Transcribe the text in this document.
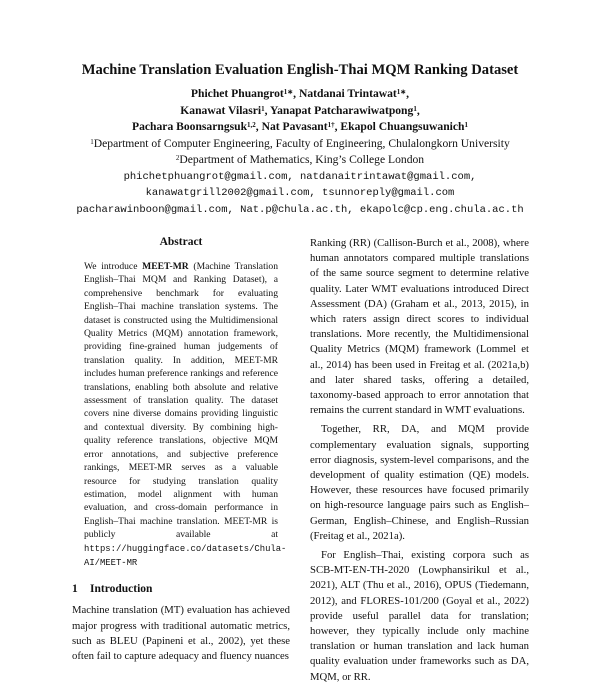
Machine Translation Evaluation English-Thai MQM Ranking Dataset
Phichet Phuangrot$^{1∗}$, Natdanai Trintawat$^{1∗}$,
Kanawat Vilasri$^1$, Yanapat Patcharawiwatpong$^1$,
Pachara Boonsarngsuk$^{1,2}$, Nat Pavasant$^{1\dagger}$, Ekapol Chuangsuwanich$^1$
$^1$Department of Computer Engineering, Faculty of Engineering, Chulalongkorn University
$^2$Department of Mathematics, King’s College London
phichetphuangrot@gmail.com, natdanaitrintawat@gmail.com,
kanawatgrill2002@gmail.com, tsunnoreply@gmail.com
pacharawinboon@gmail.com, Nat.p@chula.ac.th, ekapolc@cp.eng.chula.ac.th
Abstract
We introduce MEET-MR (Machine Translation English–Thai MQM and Ranking Dataset), a comprehensive benchmark for evaluating English–Thai machine translation systems. The dataset is constructed using the Multidimensional Quality Metrics (MQM) annotation framework, providing fine-grained human judgements of translation quality. In addition, MEET-MR includes human preference rankings and reference translations, enabling both absolute and relative assessment of translation quality. The dataset covers nine diverse domains providing linguistic and contextual diversity. By combining high-quality reference translations, objective MQM error annotations, and subjective preference rankings, MEET-MR serves as a valuable resource for studying translation quality estimation, model alignment with human evaluation, and cross-domain performance in English–Thai machine translation. MEET-MR is publicly available at https://huggingface.co/datasets/Chula-AI/MEET-MR
1 Introduction

Machine translation (MT) evaluation has achieved major progress with traditional automatic metrics, such as BLEU (Papineni et al., 2002), yet these often fail to capture adequacy and fluency nuances

Ranking (RR) (Callison-Burch et al., 2008), where human annotators compared multiple translations of the same source segment to determine relative quality. Later WMT evaluations introduced Direct Assessment (DA) (Graham et al., 2013, 2015), in which raters assign direct scores to individual translations. More recently, the Multidimensional Quality Metrics (MQM) framework (Lommel et al., 2014) has been used in Freitag et al. (2021a,b) and later shared tasks, offering a detailed, taxonomy-based approach to error annotation that remains the current standard in WMT evaluations.

Together, RR, DA, and MQM provide complementary evaluation signals, supporting error diagnosis, system-level comparisons, and the development of quality estimation (QE) models. However, these resources have focused primarily on high-resource language pairs such as English–German, English–Chinese, and English–Russian (Freitag et al., 2021a).

For English–Thai, existing corpora such as SCB-MT-EN-TH-2020 (Lowphansirikul et al., 2021), ALT (Thu et al., 2016), OPUS (Tiedemann, 2012), and FLORES-101/200 (Goyal et al., 2022) provide useful parallel data for translation; however, they typically include only machine translation or human translation and lack human quality evaluation under frameworks such as DA, MQM, or RR.
